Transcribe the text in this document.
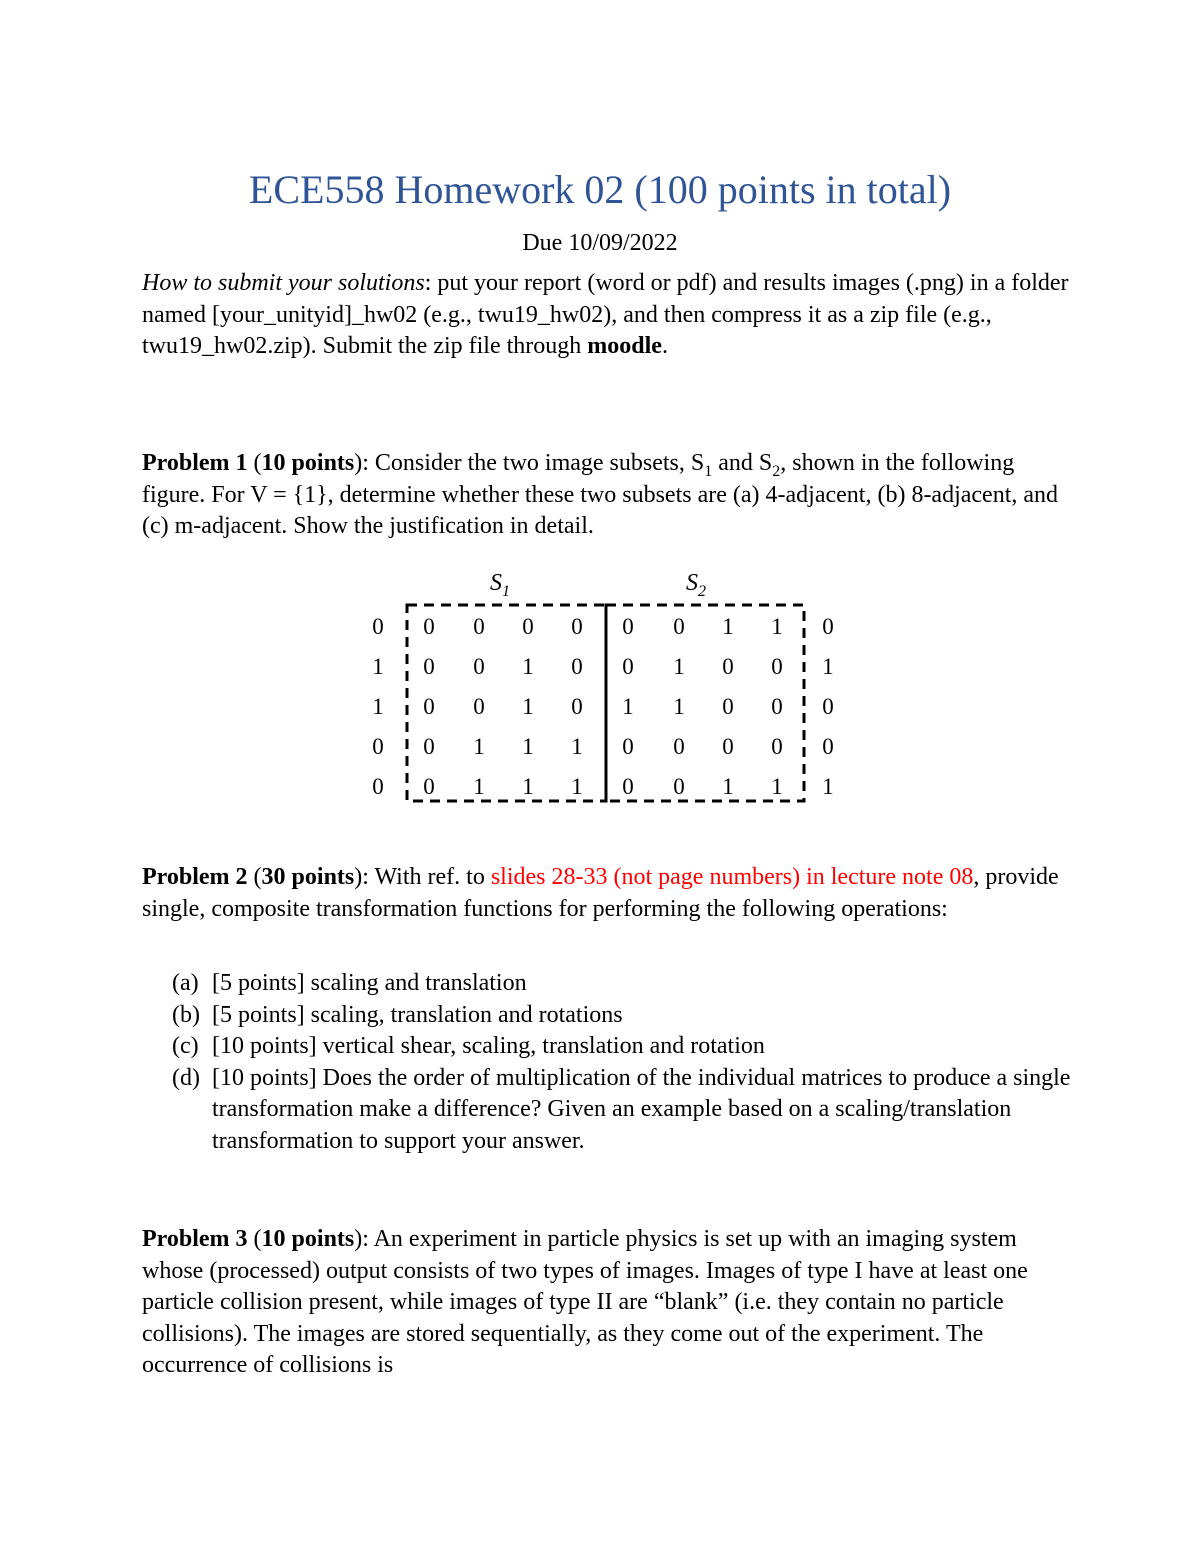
ECE558 Homework 02 (100 points in total)
Due 10/09/2022
How to submit your solutions: put your report (word or pdf) and results images (.png) in a folder named [your_unityid]_hw02 (e.g., twu19_hw02), and then compress it as a zip file (e.g., twu19_hw02.zip). Submit the zip file through moodle.
Problem 1 (10 points): Consider the two image subsets, $S_1$ and $S_2$, shown in the following figure. For V = {1}, determine whether these two subsets are (a) 4-adjacent, (b) 8-adjacent, and (c) m-adjacent. Show the justification in detail.
$S_1$	$S_2$
0 0 0 0 0 0 0 1 1 0
1 0 0 1 0 0 1 0 0 1
1 0 0 1 0 1 1 0 0 0
0 0 1 1 1 0 0 0 0 0
0 0 1 1 1 0 0 1 1 1
Problem 2 (30 points): With ref. to slides 28-33 (not page numbers) in lecture note 08, provide single, composite transformation functions for performing the following operations:
(a) [5 points] scaling and translation
(b) [5 points] scaling, translation and rotations
(c) [10 points] vertical shear, scaling, translation and rotation
(d) [10 points] Does the order of multiplication of the individual matrices to produce a single transformation make a difference? Given an example based on a scaling/translation transformation to support your answer.
Problem 3 (10 points): An experiment in particle physics is set up with an imaging system whose (processed) output consists of two types of images. Images of type I have at least one particle collision present, while images of type II are “blank” (i.e. they contain no particle collisions). The images are stored sequentially, as they come out of the experiment. The occurrence of collisions is
